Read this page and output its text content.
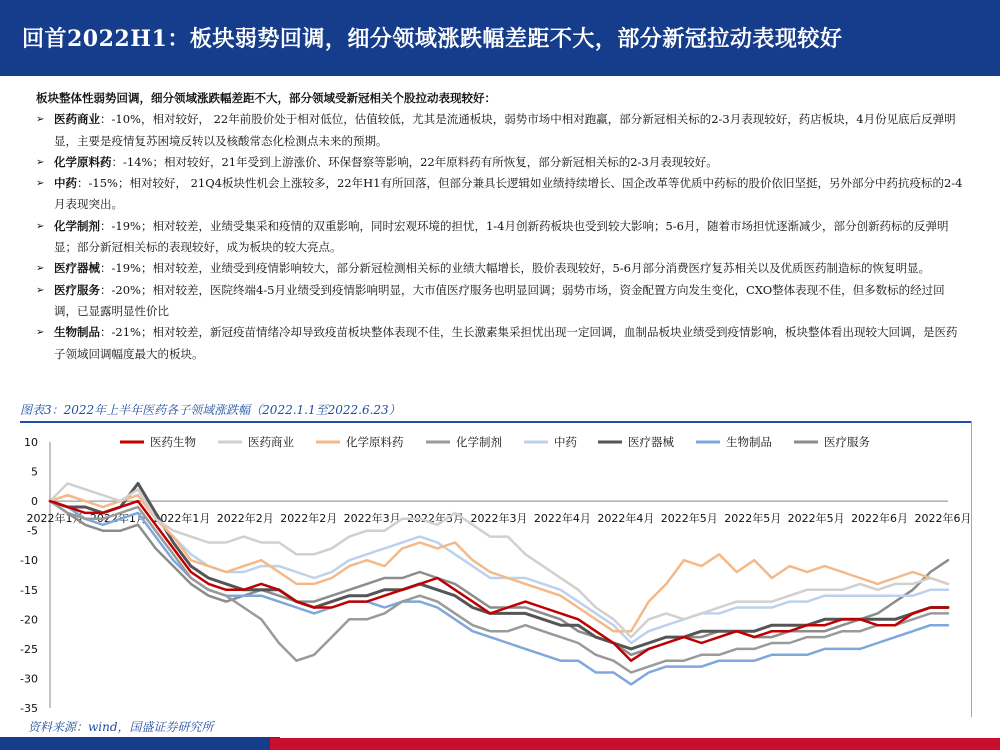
回首2022H1：板块弱势回调，细分领域涨跌幅差距不大，部分新冠拉动表现较好
板块整体性弱势回调，细分领域涨跌幅差距不大，部分领域受新冠相关个股拉动表现较好：
➢ 医药商业：-10%，相对较好， 22年前股价处于相对低位，估值较低，尤其是流通板块，弱势市场中相对跑赢，部分新冠相关标的2-3月表现较好，药店板块，4月份见底后反弹明显，主要是疫情复苏困境反转以及核酸常态化检测点未来的预期。
➢ 化学原料药：-14%；相对较好，21年受到上游涨价、环保督察等影响，22年原料药有所恢复，部分新冠相关标的2-3月表现较好。
➢ 中药：-15%；相对较好， 21Q4板块性机会上涨较多，22年H1有所回落，但部分兼具长逻辑如业绩持续增长、国企改革等优质中药标的股价依旧坚挺，另外部分中药抗疫标的2-4月表现突出。
➢ 化学制剂：-19%；相对较差，业绩受集采和疫情的双重影响，同时宏观环境的担忧，1-4月创新药板块也受到较大影响；5-6月，随着市场担忧逐渐减少，部分创新药标的反弹明显；部分新冠相关标的表现较好，成为板块的较大亮点。
➢ 医疗器械：-19%；相对较差，业绩受到疫情影响较大，部分新冠检测相关标的业绩大幅增长，股价表现较好，5-6月部分消费医疗复苏相关以及优质医药制造标的恢复明显。
➢ 医疗服务：-20%；相对较差，医院终端4-5月业绩受到疫情影响明显，大市值医疗服务也明显回调；弱势市场，资金配置方向发生变化，CXO整体表现不佳，但多数标的经过回调，已显露明显性价比
➢ 生物制品：-21%；相对较差，新冠疫苗情绪冷却导致疫苗板块整体表现不佳，生长激素集采担忧出现一定回调，血制品板块业绩受到疫情影响，板块整体看出现较大回调，是医药子领域回调幅度最大的板块。
图表3：2022年上半年医药各子领域涨跌幅（2022.1.1至2022.6.23）
10
5
0
-5
-10
-15
-20
-25
-30
-35
2022年1月 2022年1月 2022年1月 2022年2月 2022年2月 2022年3月 2022年3月 2022年3月 2022年4月 2022年4月 2022年5月 2022年5月 2022年5月 2022年6月 2022年6月
医药生物	医药商业	化学原料药	化学制剂	中药	医疗器械	生物制品	医疗服务
资料来源：wind，国盛证券研究所
